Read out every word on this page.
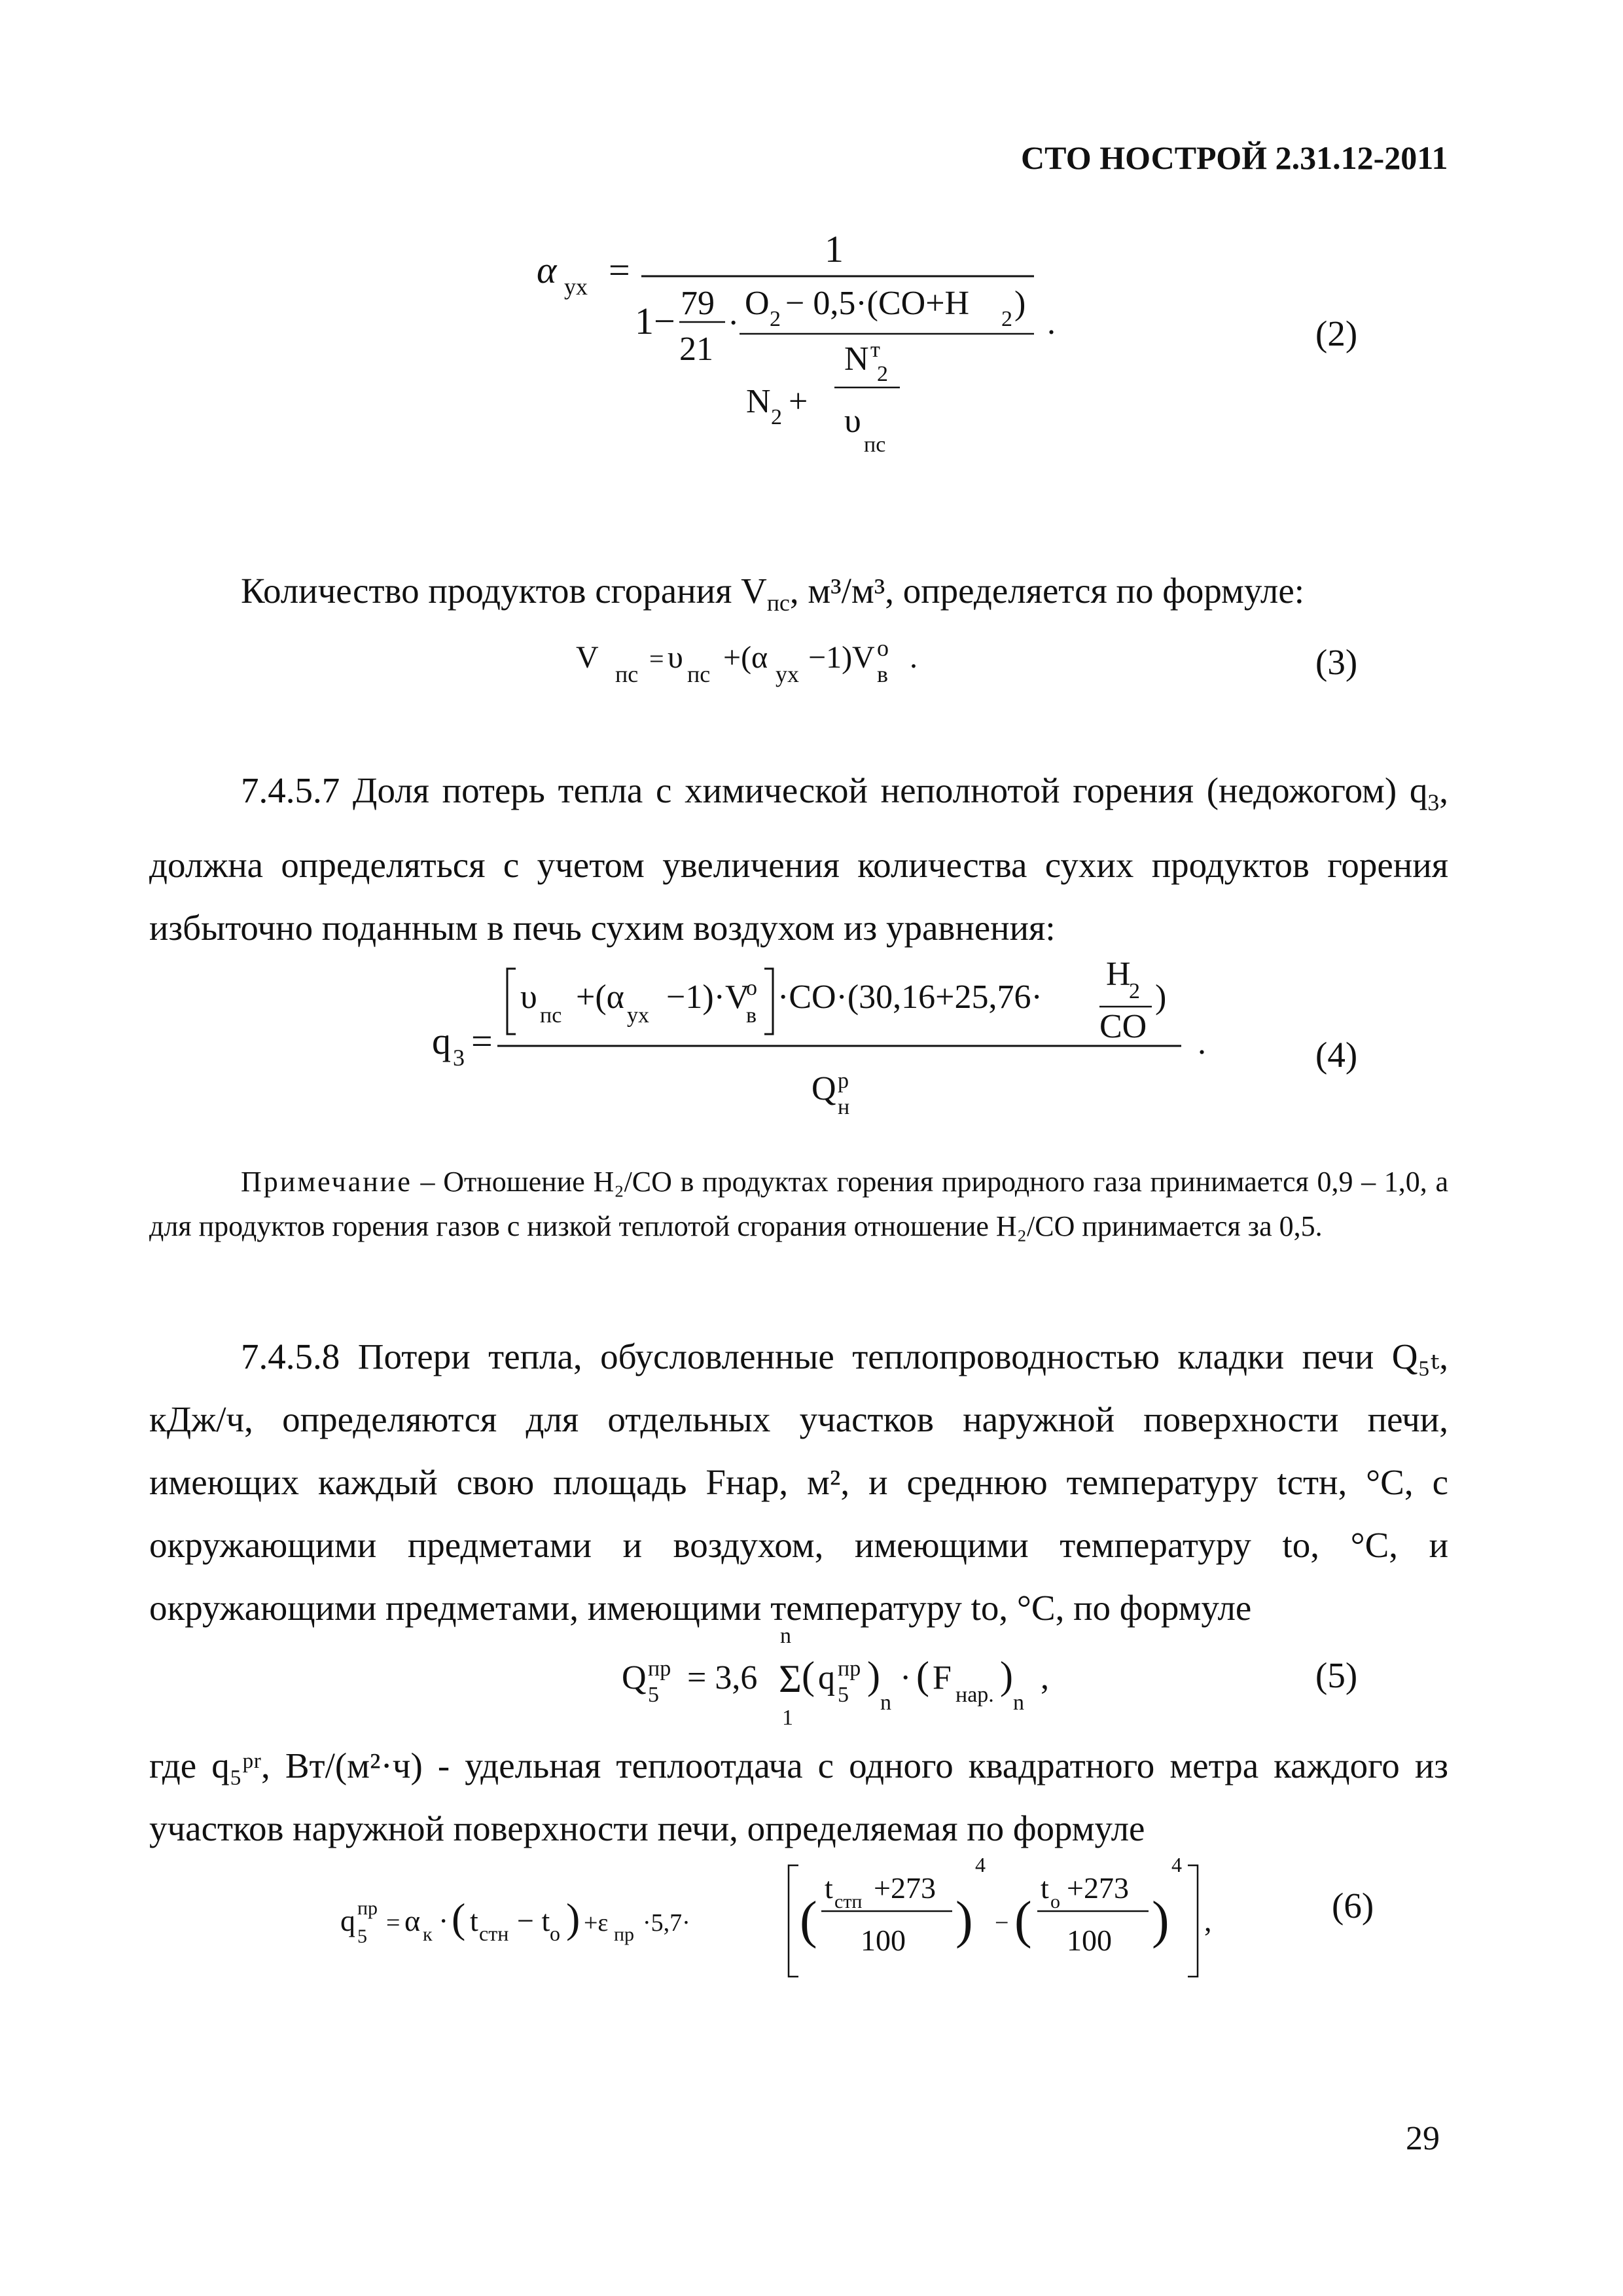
СТО НОСТРОЙ 2.31.12-2011
α ух =	1
1− 79
21
·
O 2 − 0,5·(CO+H 2 )
N т
2
N 2 +
υ
пс
.	(2)
Количество продуктов сгорания $V_{пс}$, м³/м³, определяется по формуле:
V пс
= υ пс +(α ух −1)V o
в .	(3)
7.4.5.7 Доля потерь тепла с химической неполнотой горения (недожогом) $q_3$, должна определяться с учетом увеличения количества сухих продуктов горения избыточно поданным в печь сухим воздухом из уравнения:
q 3 =
υ пс +(α ух −1)·V
o
в ·CO·(30,16+25,76·
H
2
CO
)
Q p
н
.	(4)
Примечание – Отношение H₂/CO в продуктах горения природного газа принимается 0,9 – 1,0, а для продуктов горения газов с низкой теплотой сгорания отношение H₂/CO принимается за 0,5.
7.4.5.8 Потери тепла, обусловленные теплопроводностью кладки печи Q₅ₜ, кДж/ч, определяются для отдельных участков наружной поверхности печи, имеющих каждый свою площадь Fнар, м², и среднюю температуру tстн, °С, с окружающими предметами и воздухом, имеющими температуру tо, °С, и окружающими предметами, имеющими температуру tо, °С, по формуле
Q пр
5 = 3,6
n
Σ
1
( q пр
5 )
n
· ( F нар. )
n
,	(5)
где q₅ᵖʳ, Вт/(м²·ч) - удельная теплоотдача с одного квадратного метра каждого из участков наружной поверхности печи, определяемая по формуле
q пр
5 = α к · ( t стн − t о ) +ε пр ·5,7· (
t стп +273
100 )
4
− (
t о +273
100 )
4
,	(6)
29
